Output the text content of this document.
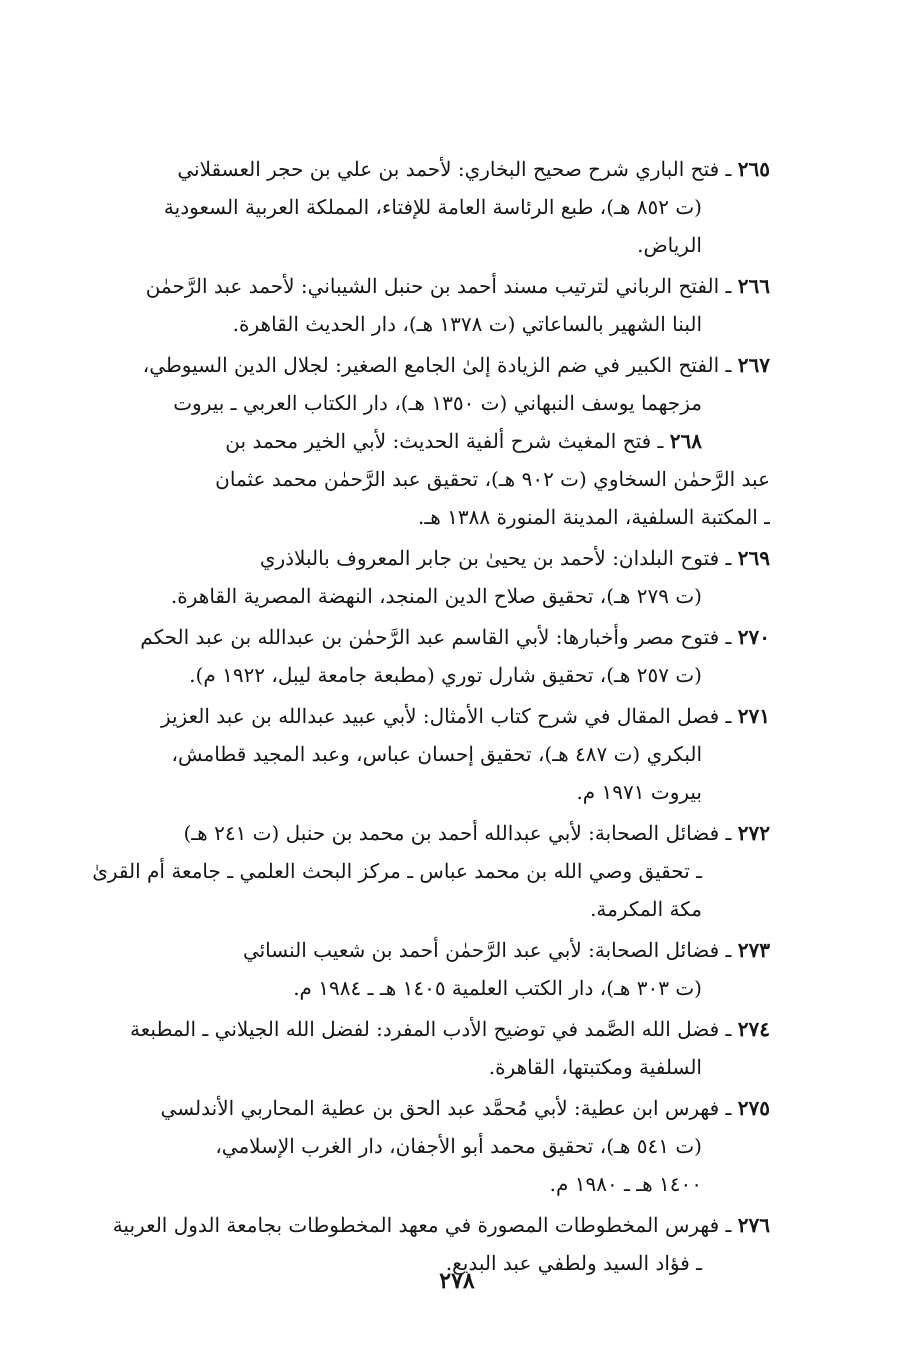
٢٦٥ ـ فتح الباري شرح صحيح البخاري: لأحمد بن علي بن حجر العسقلاني
(ت ٨٥٢ هـ)، طبع الرئاسة العامة للإفتاء، المملكة العربية السعودية
الرياض.
٢٦٦ ـ الفتح الرباني لترتيب مسند أحمد بن حنبل الشيباني: لأحمد عبد الرَّحمٰن
البنا الشهير بالساعاتي (ت ١٣٧٨ هـ)، دار الحديث القاهرة.
٢٦٧ ـ الفتح الكبير في ضم الزيادة إلىٰ الجامع الصغير: لجلال الدين السيوطي،
مزجهما يوسف النبهاني (ت ١٣٥٠ هـ)، دار الكتاب العربي ـ بيروت
٢٦٨ ـ فتح المغيث شرح ألفية الحديث: لأبي الخير محمد بن
عبد الرَّحمٰن السخاوي (ت ٩٠٢ هـ)، تحقيق عبد الرَّحمٰن محمد عثمان
ـ المكتبة السلفية، المدينة المنورة ١٣٨٨ هـ.
٢٦٩ ـ فتوح البلدان: لأحمد بن يحيىٰ بن جابر المعروف بالبلاذري
(ت ٢٧٩ هـ)، تحقيق صلاح الدين المنجد، النهضة المصرية القاهرة.
٢٧٠ ـ فتوح مصر وأخبارها: لأبي القاسم عبد الرَّحمٰن بن عبدالله بن عبد الحكم
(ت ٢٥٧ هـ)، تحقيق شارل توري (مطبعة جامعة ليبل، ١٩٢٢ م).
٢٧١ ـ فصل المقال في شرح كتاب الأمثال: لأبي عبيد عبدالله بن عبد العزيز
البكري (ت ٤٨٧ هـ)، تحقيق إحسان عباس، وعبد المجيد قطامش،
بيروت ١٩٧١ م.
٢٧٢ ـ فضائل الصحابة: لأبي عبدالله أحمد بن محمد بن حنبل (ت ٢٤١ هـ)
ـ تحقيق وصي الله بن محمد عباس ـ مركز البحث العلمي ـ جامعة أم القرىٰ
مكة المكرمة.
٢٧٣ ـ فضائل الصحابة: لأبي عبد الرَّحمٰن أحمد بن شعيب النسائي
(ت ٣٠٣ هـ)، دار الكتب العلمية ١٤٠٥ هـ ـ ١٩٨٤ م.
٢٧٤ ـ فضل الله الصَّمد في توضيح الأدب المفرد: لفضل الله الجيلاني ـ المطبعة
السلفية ومكتبتها، القاهرة.
٢٧٥ ـ فهرس ابن عطية: لأبي مُحمَّد عبد الحق بن عطية المحاربي الأندلسي
(ت ٥٤١ هـ)، تحقيق محمد أبو الأجفان، دار الغرب الإسلامي،
١٤٠٠ هـ ـ ١٩٨٠ م.
٢٧٦ ـ فهرس المخطوطات المصورة في معهد المخطوطات بجامعة الدول العربية
ـ فؤاد السيد ولطفي عبد البديع.
٢٧٨
